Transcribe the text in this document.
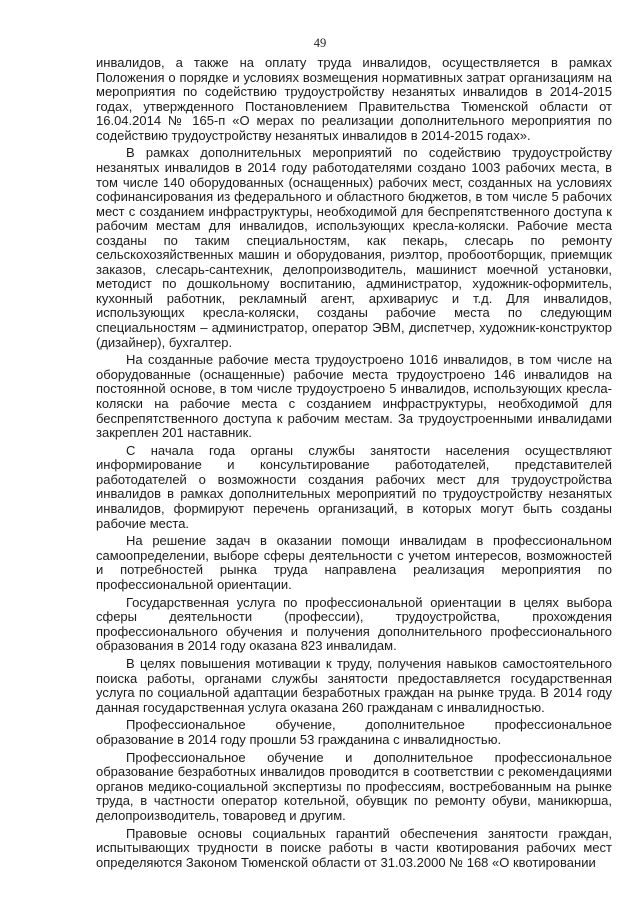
49

инвалидов, а также на оплату труда инвалидов, осуществляется в рамках Положения о порядке и условиях возмещения нормативных затрат организациям на мероприятия по содействию трудоустройству незанятых инвалидов в 2014-2015 годах, утвержденного Постановлением Правительства Тюменской области от 16.04.2014 № 165-п «О мерах по реализации дополнительного мероприятия по содействию трудоустройству незанятых инвалидов в 2014-2015 годах».

В рамках дополнительных мероприятий по содействию трудоустройству незанятых инвалидов в 2014 году работодателями создано 1003 рабочих места, в том числе 140 оборудованных (оснащенных) рабочих мест, созданных на условиях софинансирования из федерального и областного бюджетов, в том числе 5 рабочих мест с созданием инфраструктуры, необходимой для беспрепятственного доступа к рабочим местам для инвалидов, использующих кресла-коляски. Рабочие места созданы по таким специальностям, как пекарь, слесарь по ремонту сельскохозяйственных машин и оборудования, риэлтор, пробоотборщик, приемщик заказов, слесарь-сантехник, делопроизводитель, машинист моечной установки, методист по дошкольному воспитанию, администратор, художник-оформитель, кухонный работник, рекламный агент, архивариус и т.д. Для инвалидов, использующих кресла-коляски, созданы рабочие места по следующим специальностям – администратор, оператор ЭВМ, диспетчер, художник-конструктор (дизайнер), бухгалтер.

На созданные рабочие места трудоустроено 1016 инвалидов, в том числе на оборудованные (оснащенные) рабочие места трудоустроено 146 инвалидов на постоянной основе, в том числе трудоустроено 5 инвалидов, использующих кресла-коляски на рабочие места с созданием инфраструктуры, необходимой для беспрепятственного доступа к рабочим местам. За трудоустроенными инвалидами закреплен 201 наставник.

С начала года органы службы занятости населения осуществляют информирование и консультирование работодателей, представителей работодателей о возможности создания рабочих мест для трудоустройства инвалидов в рамках дополнительных мероприятий по трудоустройству незанятых инвалидов, формируют перечень организаций, в которых могут быть созданы рабочие места.

На решение задач в оказании помощи инвалидам в профессиональном самоопределении, выборе сферы деятельности с учетом интересов, возможностей и потребностей рынка труда направлена реализация мероприятия по профессиональной ориентации.

Государственная услуга по профессиональной ориентации в целях выбора сферы деятельности (профессии), трудоустройства, прохождения профессионального обучения и получения дополнительного профессионального образования в 2014 году оказана 823 инвалидам.

В целях повышения мотивации к труду, получения навыков самостоятельного поиска работы, органами службы занятости предоставляется государственная услуга по социальной адаптации безработных граждан на рынке труда. В 2014 году данная государственная услуга оказана 260 гражданам с инвалидностью.

Профессиональное обучение, дополнительное профессиональное образование в 2014 году прошли 53 гражданина с инвалидностью.

Профессиональное обучение и дополнительное профессиональное образование безработных инвалидов проводится в соответствии с рекомендациями органов медико-социальной экспертизы по профессиям, востребованным на рынке труда, в частности оператор котельной, обувщик по ремонту обуви, маникюрша, делопроизводитель, товаровед и другим.

Правовые основы социальных гарантий обеспечения занятости граждан, испытывающих трудности в поиске работы в части квотирования рабочих мест определяются Законом Тюменской области от 31.03.2000 № 168 «О квотировании
